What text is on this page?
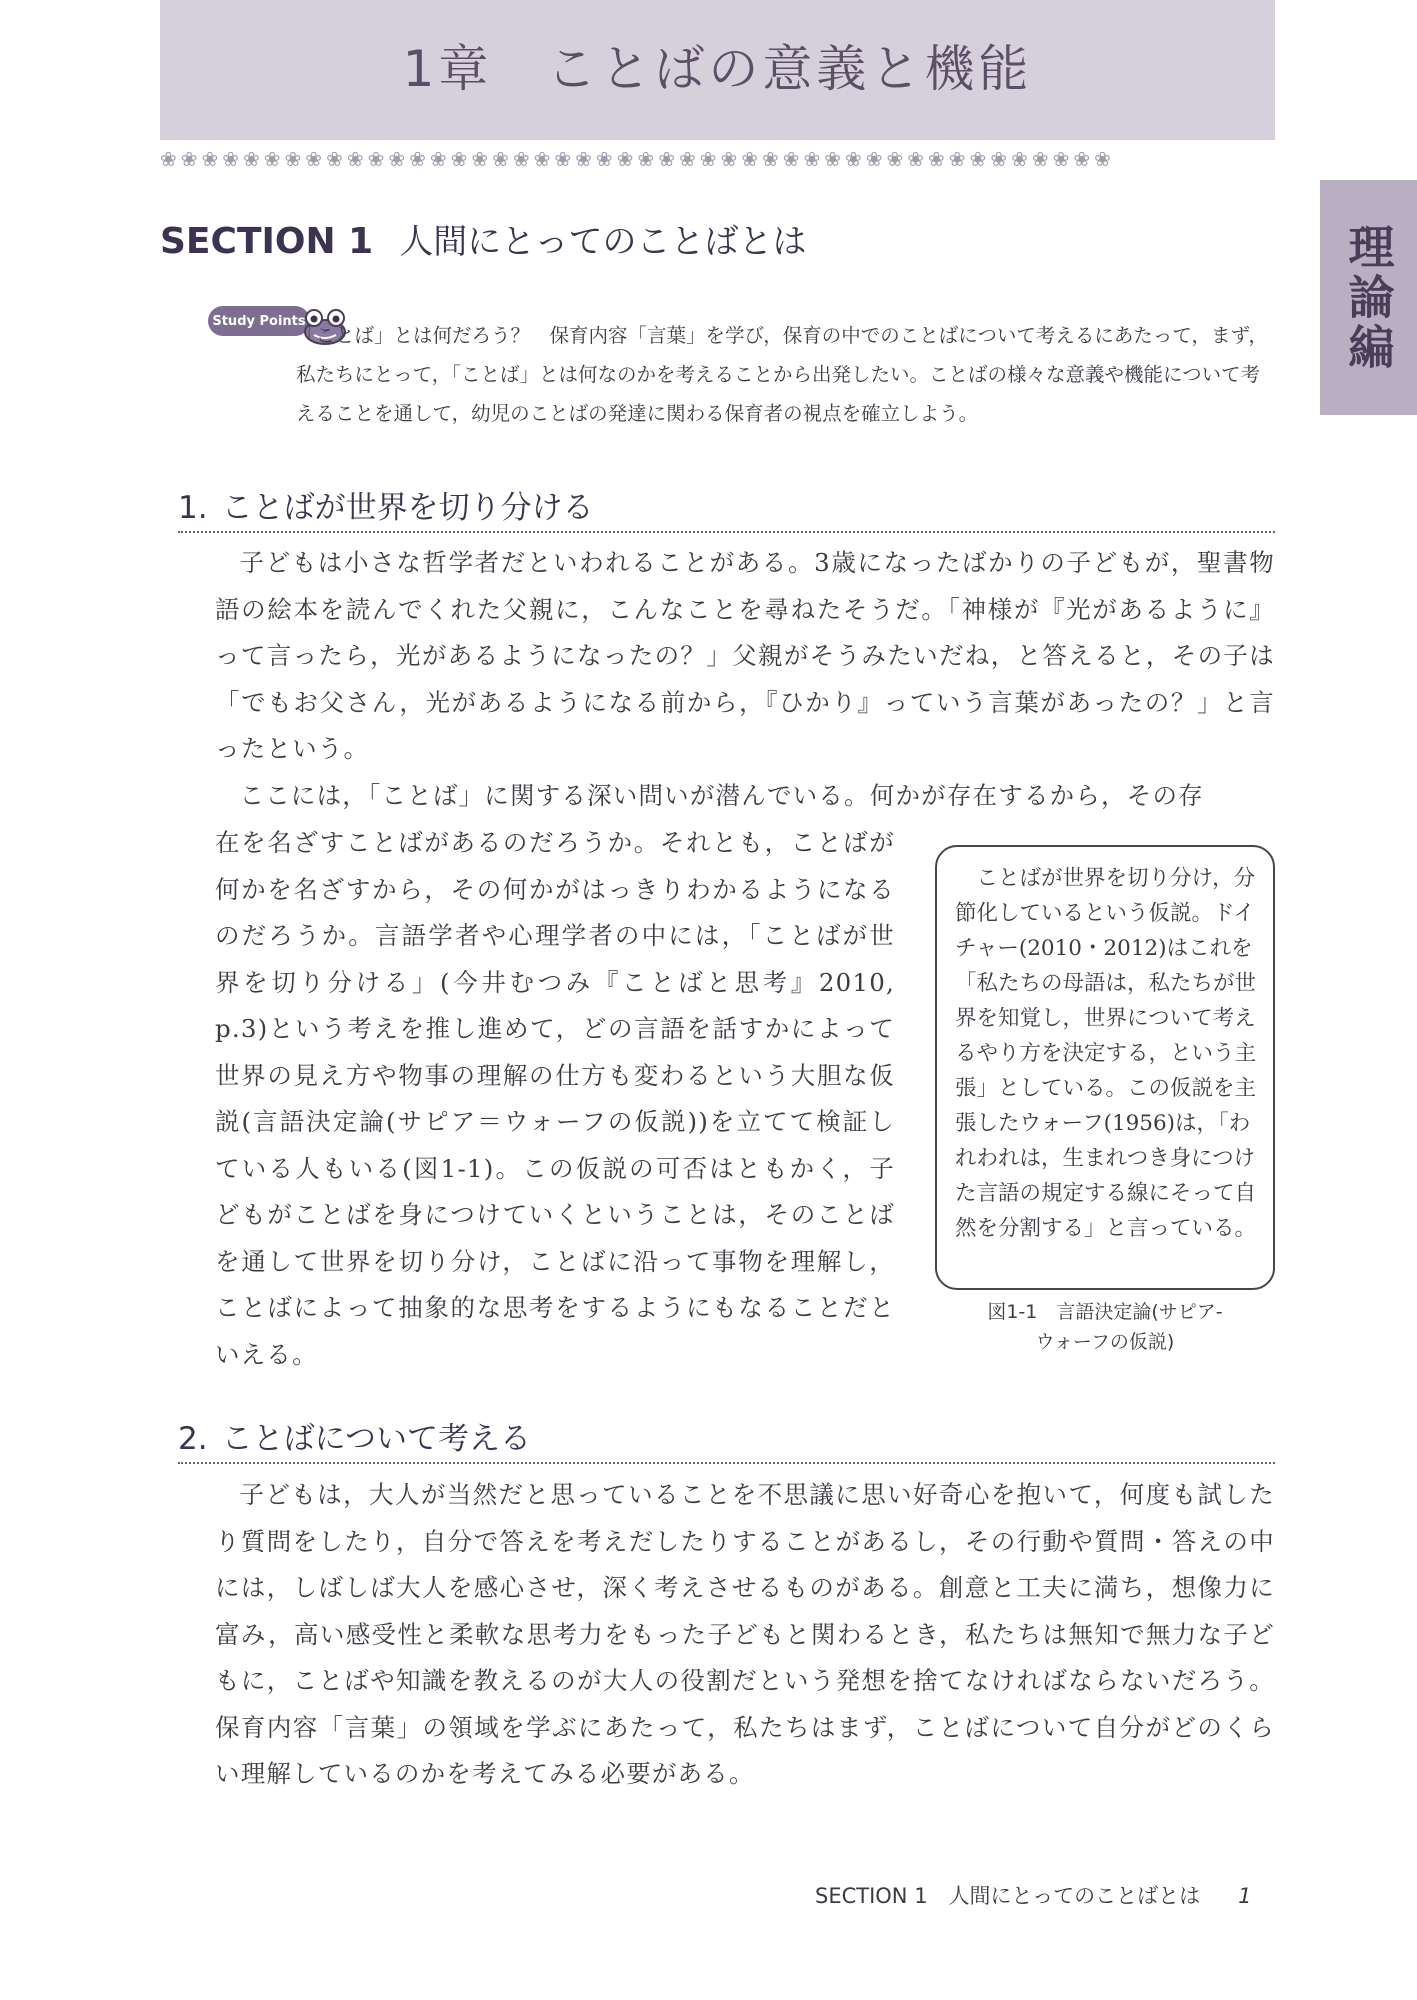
1章　ことばの意義と機能
❀❀❀❀❀❀❀❀❀❀❀❀❀❀❀❀❀❀❀❀❀❀❀❀❀❀❀❀❀❀❀❀❀❀❀❀❀❀❀❀❀❀❀❀❀❀
理論編
SECTION 1 人間にとってのことばとは
Study Points

「ことば」とは何だろう？　保育内容「言葉」を学び，保育の中でのことばについて考えるにあたって，まず，私たちにとって，「ことば」とは何なのかを考えることから出発したい。ことばの様々な意義や機能について考えることを通して，幼児のことばの発達に関わる保育者の視点を確立しよう。

1. ことばが世界を切り分ける

子どもは小さな哲学者だといわれることがある。3歳になったばかりの子どもが，聖書物語の絵本を読んでくれた父親に，こんなことを尋ねたそうだ。「神様が『光があるように』って言ったら，光があるようになったの？」父親がそうみたいだね，と答えると，その子は「でもお父さん，光があるようになる前から，『ひかり』っていう言葉があったの？」と言ったという。

ここには，「ことば」に関する深い問いが潜んでいる。何かが存在するから，その存

在を名ざすことばがあるのだろうか。それとも，ことばが何かを名ざすから，その何かがはっきりわかるようになるのだろうか。言語学者や心理学者の中には，「ことばが世界を切り分ける」(今井むつみ『ことばと思考』2010, p.3)という考えを推し進めて，どの言語を話すかによって世界の見え方や物事の理解の仕方も変わるという大胆な仮説(言語決定論(サピア＝ウォーフの仮説))を立てて検証している人もいる(図1-1)。この仮説の可否はともかく，子どもがことばを身につけていくということは，そのことばを通して世界を切り分け，ことばに沿って事物を理解し，ことばによって抽象的な思考をするようにもなることだといえる。

ことばが世界を切り分け，分節化しているという仮説。ドイチャー(2010・2012)はこれを「私たちの母語は，私たちが世界を知覚し，世界について考えるやり方を決定する，という主張」としている。この仮説を主張したウォーフ(1956)は，「われわれは，生まれつき身につけた言語の規定する線にそって自然を分割する」と言っている。

図1-1　言語決定論(サピア-
ウォーフの仮説)
2. ことばについて考える

子どもは，大人が当然だと思っていることを不思議に思い好奇心を抱いて，何度も試したり質問をしたり，自分で答えを考えだしたりすることがあるし，その行動や質問・答えの中には，しばしば大人を感心させ，深く考えさせるものがある。創意と工夫に満ち，想像力に富み，高い感受性と柔軟な思考力をもった子どもと関わるとき，私たちは無知で無力な子どもに，ことばや知識を教えるのが大人の役割だという発想を捨てなければならないだろう。保育内容「言葉」の領域を学ぶにあたって，私たちはまず，ことばについて自分がどのくらい理解しているのかを考えてみる必要がある。

SECTION 1　人間にとってのことばとは 1
